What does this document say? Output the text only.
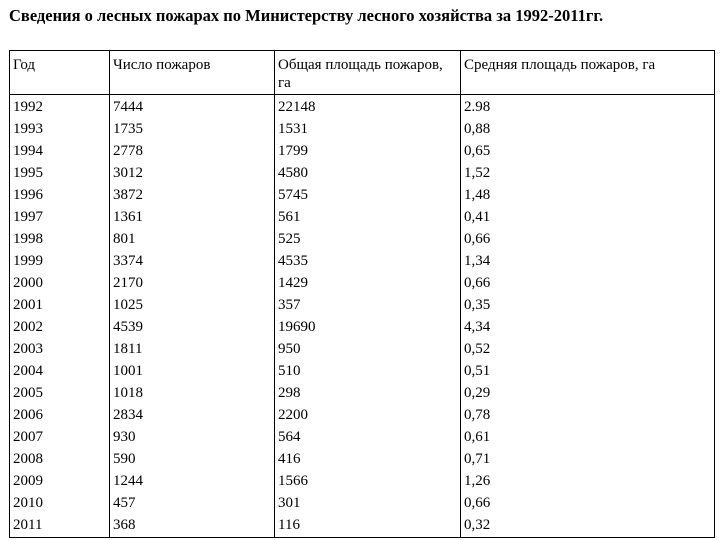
Сведения о лесных пожарах по Министерству лесного хозяйства за 1992-2011гг.
Год	Число пожаров	Общая площадь пожаров, га	Средняя площадь пожаров, га
1992	7444	22148	2.98
1993	1735	1531	0,88
1994	2778	1799	0,65
1995	3012	4580	1,52
1996	3872	5745	1,48
1997	1361	561	0,41
1998	801	525	0,66
1999	3374	4535	1,34
2000	2170	1429	0,66
2001	1025	357	0,35
2002	4539	19690	4,34
2003	1811	950	0,52
2004	1001	510	0,51
2005	1018	298	0,29
2006	2834	2200	0,78
2007	930	564	0,61
2008	590	416	0,71
2009	1244	1566	1,26
2010	457	301	0,66
2011	368	116	0,32
